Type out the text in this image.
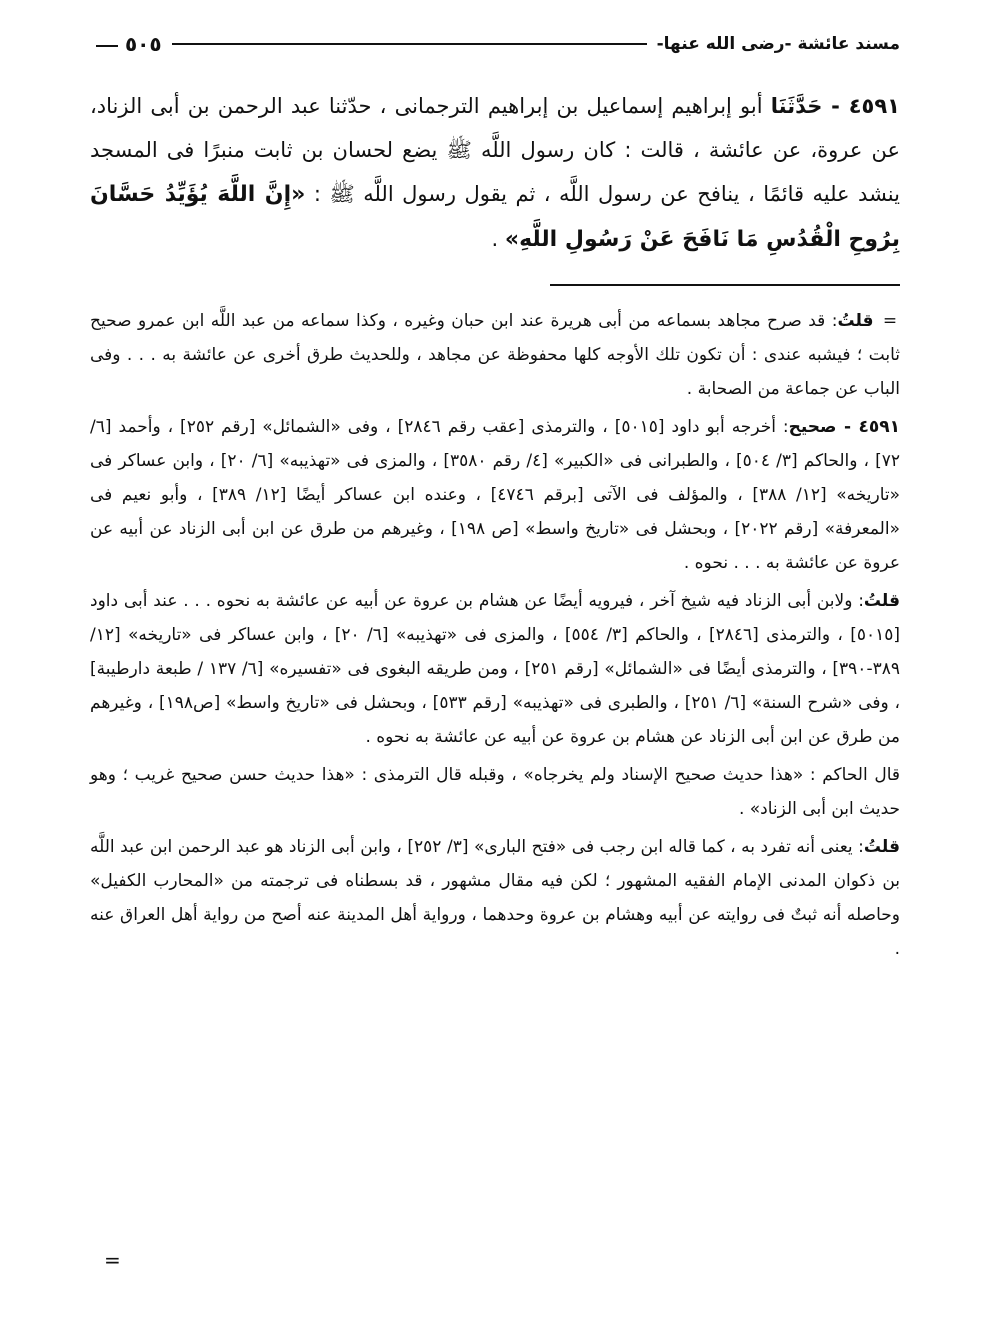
مسند عائشة -رضى الله عنها-
٥٠٥
٤٥٩١ - حَدَّثَنَا أبو إبراهيم إسماعيل بن إبراهيم الترجمانى ، حدّثنا عبد الرحمن بن أبى الزناد، عن عروة، عن عائشة ، قالت : كان رسول اللَّه ﷺ يضع لحسان بن ثابت منبرًا فى المسجد ينشد عليه قائمًا ، ينافح عن رسول اللَّه ، ثم يقول رسول اللَّه ﷺ : «إِنَّ اللَّهَ يُؤَيِّدُ حَسَّانَ بِرُوحِ الْقُدُسِ مَا نَافَحَ عَنْ رَسُولِ اللَّهِ» .

= قلتُ: قد صرح مجاهد بسماعه من أبى هريرة عند ابن حبان وغيره ، وكذا سماعه من عبد اللَّه ابن عمرو صحيح ثابت ؛ فيشبه عندى : أن تكون تلك الأوجه كلها محفوظة عن مجاهد ، وللحديث طرق أخرى عن عائشة به . . . وفى الباب عن جماعة من الصحابة .

٤٥٩١ - صحيح: أخرجه أبو داود [٥٠١٥] ، والترمذى [عقب رقم ٢٨٤٦] ، وفى «الشمائل» [رقم ٢٥٢] ، وأحمد [٦/ ٧٢] ، والحاكم [٣/ ٥٠٤] ، والطبرانى فى «الكبير» [٤/ رقم ٣٥٨٠] ، والمزى فى «تهذيبه» [٦/ ٢٠] ، وابن عساكر فى «تاريخه» [١٢/ ٣٨٨] ، والمؤلف فى الآتى [برقم ٤٧٤٦] ، وعنده ابن عساكر أيضًا [١٢/ ٣٨٩] ، وأبو نعيم فى «المعرفة» [رقم ٢٠٢٢] ، وبحشل فى «تاريخ واسط» [ص ١٩٨] ، وغيرهم من طرق عن ابن أبى الزناد عن أبيه عن عروة عن عائشة به . . . نحوه .

قلتُ: ولابن أبى الزناد فيه شيخ آخر ، فيرويه أيضًا عن هشام بن عروة عن أبيه عن عائشة به نحوه . . . عند أبى داود [٥٠١٥] ، والترمذى [٢٨٤٦] ، والحاكم [٣/ ٥٥٤] ، والمزى فى «تهذيبه» [٦/ ٢٠] ، وابن عساكر فى «تاريخه» [١٢/ ٣٨٩-٣٩٠] ، والترمذى أيضًا فى «الشمائل» [رقم ٢٥١] ، ومن طريقه البغوى فى «تفسيره» [٦/ ١٣٧ / طبعة دارطيبة] ، وفى «شرح السنة» [٦/ ٢٥١] ، والطبرى فى «تهذيبه» [رقم ٥٣٣] ، وبحشل فى «تاريخ واسط» [ص١٩٨] ، وغيرهم من طرق عن ابن أبى الزناد عن هشام بن عروة عن أبيه عن عائشة به نحوه .

قال الحاكم : «هذا حديث صحيح الإسناد ولم يخرجاه» ، وقبله قال الترمذى : «هذا حديث حسن صحيح غريب ؛ وهو حديث ابن أبى الزناد» .

قلتُ: يعنى أنه تفرد به ، كما قاله ابن رجب فى «فتح البارى» [٣/ ٢٥٢] ، وابن أبى الزناد هو عبد الرحمن ابن عبد اللَّه بن ذكوان المدنى الإمام الفقيه المشهور ؛ لكن فيه مقال مشهور ، قد بسطناه فى ترجمته من «المحارب الكفيل» وحاصله أنه ثبتٌ فى روايته عن أبيه وهشام بن عروة وحدهما ، ورواية أهل المدينة عنه أصح من رواية أهل العراق عنه .

=
